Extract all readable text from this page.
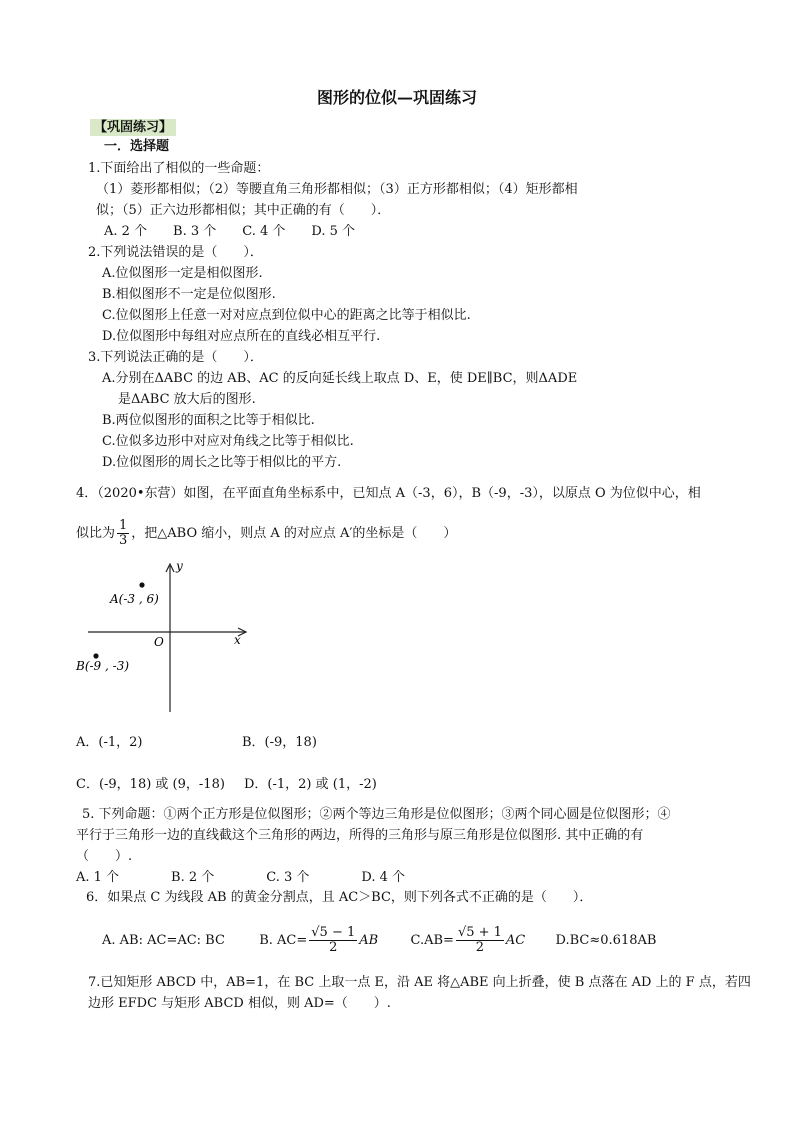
图形的位似—巩固练习
【巩固练习】
一．选择题
1.下面给出了相似的一些命题：
（1）菱形都相似；（2）等腰直角三角形都相似；（3）正方形都相似；（4）矩形都相
似；（5）正六边形都相似；其中正确的有（　　）．
A. 2 个　　B. 3 个　　C. 4 个　　D. 5 个
2.下列说法错误的是（　　）．
A.位似图形一定是相似图形.
B.相似图形不一定是位似图形.
C.位似图形上任意一对对应点到位似中心的距离之比等于相似比.
D.位似图形中每组对应点所在的直线必相互平行.
3.下列说法正确的是（　　）．
A.分别在ΔABC 的边 AB、AC 的反向延长线上取点 D、E，使 DE∥BC，则ΔADE
是ΔABC 放大后的图形.
B.两位似图形的面积之比等于相似比.
C.位似多边形中对应对角线之比等于相似比.
D.位似图形的周长之比等于相似比的平方.
4．（2020•东营）如图，在平面直角坐标系中，已知点 A（-3，6），B（-9，-3），以原点 O 为位似中心，相
似比为 $\frac{1}{3}$ ，把△ABO 缩小，则点 A 的对应点 A′的坐标是（　　）
y
x
O
A(-3 , 6)
B(-9 , -3)
A．(-1，2)	B．(-9，18)
C．(-9，18) 或 (9，-18) D．(-1，2) 或 (1，-2)
5. 下列命题：①两个正方形是位似图形；②两个等边三角形是位似图形；③两个同心圆是位似图形；④
平行于三角形一边的直线截这个三角形的两边，所得的三角形与原三角形是位似图形. 其中正确的有
（　　）.
A. 1 个　　　　B. 2 个　　　　C. 3 个　　　　D. 4 个
6．如果点 C 为线段 AB 的黄金分割点，且 AC＞BC，则下列各式不正确的是（　　）．
A. AB: AC=AC: BC	B. $AC= \frac{√5 - 1}{2}$ AB $C.AB= \frac{√5 + 1}{2}$ AC D.BC≈0.618AB
7.已知矩形 ABCD 中，AB=1，在 BC 上取一点 E，沿 AE 将△ABE 向上折叠，使 B 点落在 AD 上的 F 点，若四
边形 EFDC 与矩形 ABCD 相似，则 AD=（　　）.
